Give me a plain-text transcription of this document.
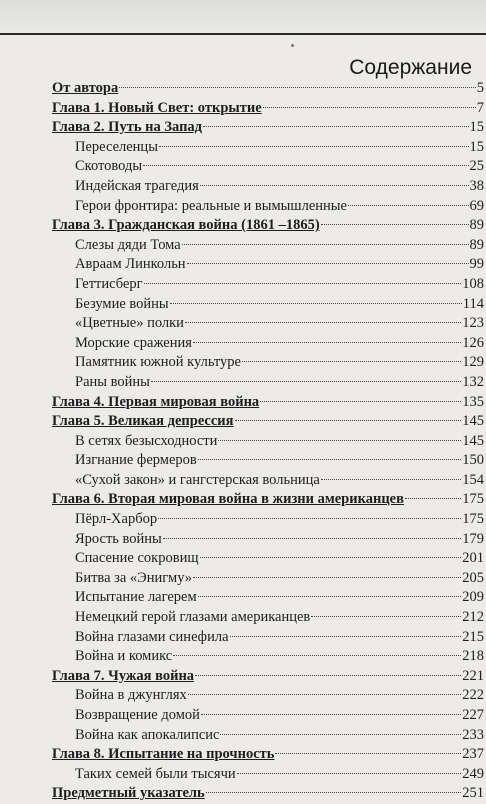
Содержание
От автора	5
Глава 1. Новый Свет: открытие	7
Глава 2. Путь на Запад	15
Переселенцы	15
Скотоводы	25
Индейская трагедия	38
Герои фронтира: реальные и вымышленные	69
Глава 3. Гражданская война (1861 –1865)	89
Слезы дяди Тома	89
Авраам Линкольн	99
Геттисберг	108
Безумие войны	114
«Цветные» полки	123
Морские сражения	126
Памятник южной культуре	129
Раны войны	132
Глава 4. Первая мировая война	135
Глава 5. Великая депрессия	145
В сетях безысходности	145
Изгнание фермеров	150
«Сухой закон» и гангстерская вольница	154
Глава 6. Вторая мировая война в жизни американцев	175
Пёрл-Харбор	175
Ярость войны	179
Спасение сокровищ	201
Битва за «Энигму»	205
Испытание лагерем	209
Немецкий герой глазами американцев	212
Война глазами синефила	215
Война и комикс	218
Глава 7. Чужая война	221
Война в джунглях	222
Возвращение домой	227
Война как апокалипсис	233
Глава 8. Испытание на прочность	237
Таких семей были тысячи	249
Предметный указатель	251
